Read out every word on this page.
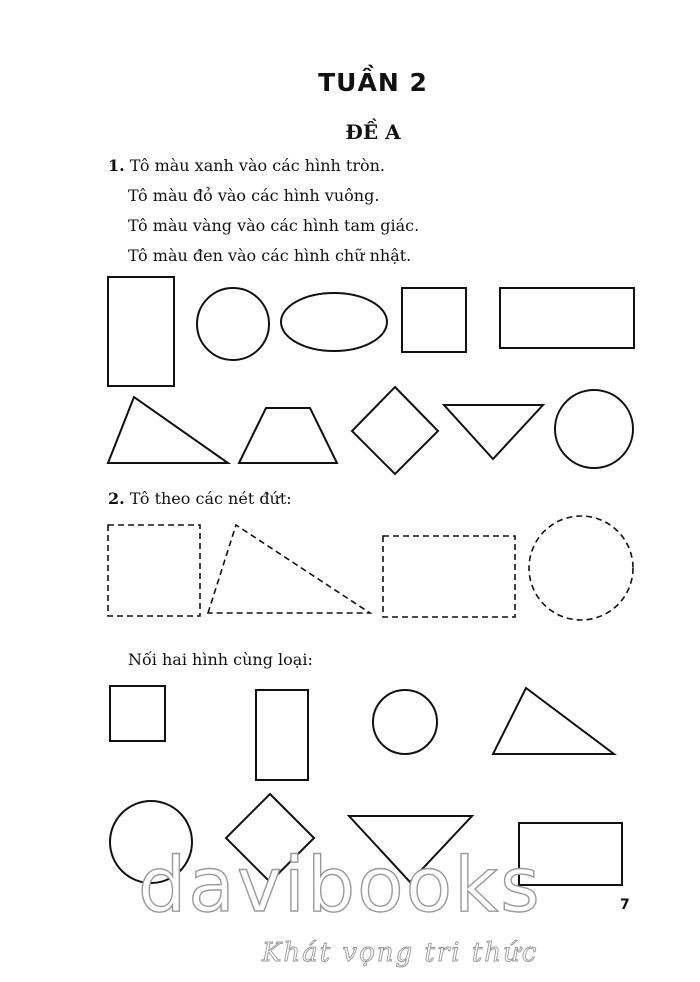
TUẦN 2
ĐỀ A
1. Tô màu xanh vào các hình tròn.
Tô màu đỏ vào các hình vuông.
Tô màu vàng vào các hình tam giác.
Tô màu đen vào các hình chữ nhật.
2. Tô theo các nét đứt:
Nối hai hình cùng loại:
davibooks
Khát vọng tri thức
7
